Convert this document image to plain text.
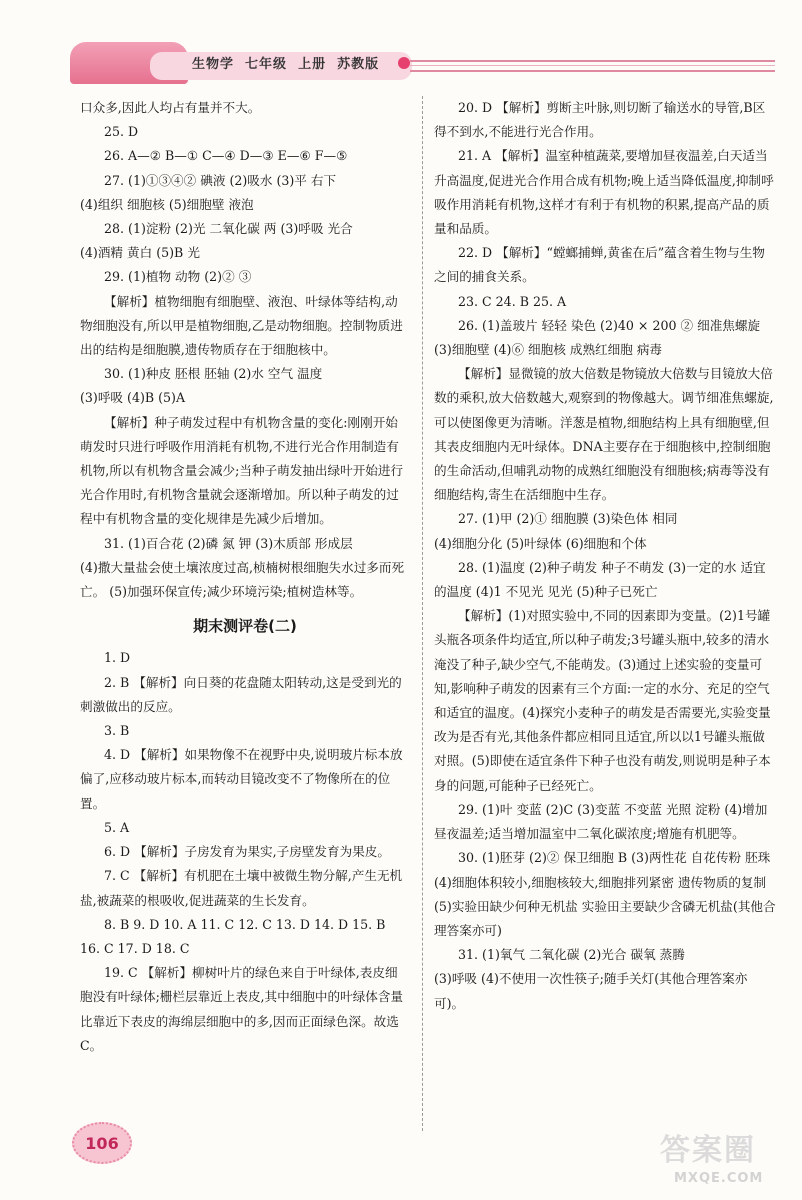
生物学  七年级  上册  苏教版

口众多,因此人均占有量并不大。

25. D

26. A—② B—① C—④ D—③ E—⑥ F—⑤

27. (1)①③④② 碘液 (2)吸水 (3)平 右下

(4)组织 细胞核 (5)细胞壁 液泡

28. (1)淀粉 (2)光 二氧化碳 两 (3)呼吸 光合

(4)酒精 黄白 (5)B 光

29. (1)植物 动物 (2)② ③

【解析】植物细胞有细胞壁、液泡、叶绿体等结构,动物细胞没有,所以甲是植物细胞,乙是动物细胞。控制物质进出的结构是细胞膜,遗传物质存在于细胞核中。

30. (1)种皮 胚根 胚轴 (2)水 空气 温度

(3)呼吸 (4)B (5)A

【解析】种子萌发过程中有机物含量的变化:刚刚开始萌发时只进行呼吸作用消耗有机物,不进行光合作用制造有机物,所以有机物含量会减少;当种子萌发抽出绿叶开始进行光合作用时,有机物含量就会逐渐增加。所以种子萌发的过程中有机物含量的变化规律是先减少后增加。

31. (1)百合花 (2)磷 氮 钾 (3)木质部 形成层

(4)撒大量盐会使土壤浓度过高,桢楠树根细胞失水过多而死亡。 (5)加强环保宣传;减少环境污染;植树造林等。

期末测评卷(二)

1. D

2. B 【解析】向日葵的花盘随太阳转动,这是受到光的刺激做出的反应。

3. B

4. D 【解析】如果物像不在视野中央,说明玻片标本放偏了,应移动玻片标本,而转动目镜改变不了物像所在的位置。

5. A

6. D 【解析】子房发育为果实,子房壁发育为果皮。

7. C 【解析】有机肥在土壤中被微生物分解,产生无机盐,被蔬菜的根吸收,促进蔬菜的生长发育。

8. B 9. D 10. A 11. C 12. C 13. D 14. D 15. B

16. C 17. D 18. C

19. C 【解析】柳树叶片的绿色来自于叶绿体,表皮细胞没有叶绿体;栅栏层靠近上表皮,其中细胞中的叶绿体含量比靠近下表皮的海绵层细胞中的多,因而正面绿色深。故选C。

20. D 【解析】剪断主叶脉,则切断了输送水的导管,B区得不到水,不能进行光合作用。

21. A 【解析】温室种植蔬菜,要增加昼夜温差,白天适当升高温度,促进光合作用合成有机物;晚上适当降低温度,抑制呼吸作用消耗有机物,这样才有利于有机物的积累,提高产品的质量和品质。

22. D 【解析】“螳螂捕蝉,黄雀在后”蕴含着生物与生物之间的捕食关系。

23. C 24. B 25. A

26. (1)盖玻片 轻轻 染色 (2)40 × 200 ② 细准焦螺旋 (3)细胞壁 (4)⑥ 细胞核 成熟红细胞 病毒

【解析】显微镜的放大倍数是物镜放大倍数与目镜放大倍数的乘积,放大倍数越大,观察到的物像越大。调节细准焦螺旋,可以使图像更为清晰。洋葱是植物,细胞结构上具有细胞壁,但其表皮细胞内无叶绿体。DNA主要存在于细胞核中,控制细胞的生命活动,但哺乳动物的成熟红细胞没有细胞核;病毒等没有细胞结构,寄生在活细胞中生存。

27. (1)甲 (2)① 细胞膜 (3)染色体 相同

(4)细胞分化 (5)叶绿体 (6)细胞和个体

28. (1)温度 (2)种子萌发 种子不萌发 (3)一定的水 适宜的温度 (4)1 不见光 见光 (5)种子已死亡

【解析】(1)对照实验中,不同的因素即为变量。(2)1号罐头瓶各项条件均适宜,所以种子萌发;3号罐头瓶中,较多的清水淹没了种子,缺少空气,不能萌发。(3)通过上述实验的变量可知,影响种子萌发的因素有三个方面:一定的水分、充足的空气和适宜的温度。(4)探究小麦种子的萌发是否需要光,实验变量改为是否有光,其他条件都应相同且适宜,所以以1号罐头瓶做对照。(5)即使在适宜条件下种子也没有萌发,则说明是种子本身的问题,可能种子已经死亡。

29. (1)叶 变蓝 (2)C (3)变蓝 不变蓝 光照 淀粉 (4)增加昼夜温差;适当增加温室中二氧化碳浓度;增施有机肥等。

30. (1)胚芽 (2)② 保卫细胞 B (3)两性花 自花传粉 胚珠 (4)细胞体积较小,细胞核较大,细胞排列紧密 遗传物质的复制 (5)实验田缺少何种无机盐 实验田主要缺少含磷无机盐(其他合理答案亦可)

31. (1)氧气 二氧化碳 (2)光合 碳氧 蒸腾

(3)呼吸 (4)不使用一次性筷子;随手关灯(其他合理答案亦可)。

106	答案圈
MXQE.COM
